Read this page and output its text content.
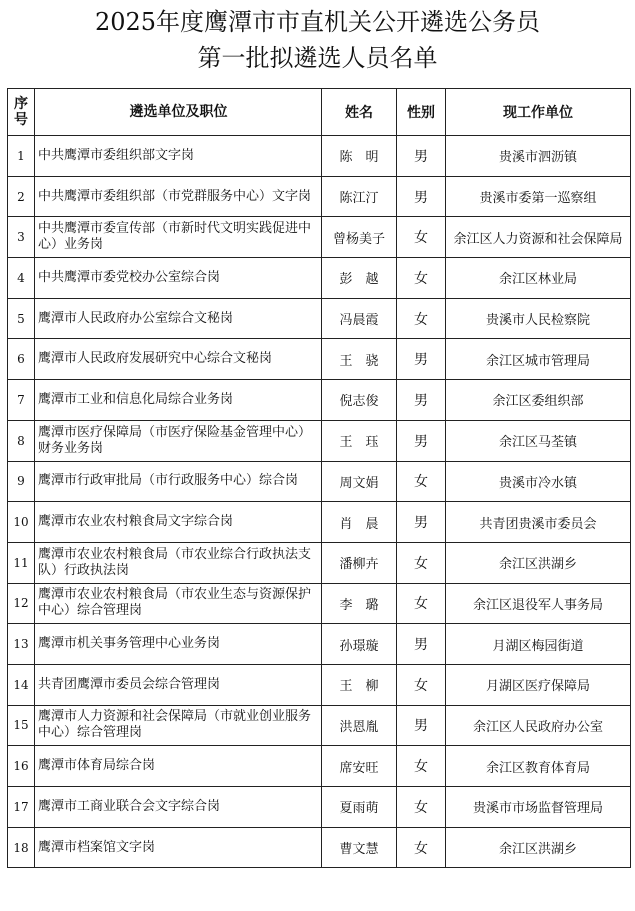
2025年度鹰潭市市直机关公开遴选公务员
第一批拟遴选人员名单
序号	遴选单位及职位	姓名	性别	现工作单位
1	中共鹰潭市委组织部文字岗	陈　明	男	贵溪市泗沥镇
2	中共鹰潭市委组织部（市党群服务中心）文字岗	陈江汀	男	贵溪市委第一巡察组
3	中共鹰潭市委宣传部（市新时代文明实践促进中心）业务岗	曾杨美子	女	余江区人力资源和社会保障局
4	中共鹰潭市委党校办公室综合岗	彭　越	女	余江区林业局
5	鹰潭市人民政府办公室综合文秘岗	冯晨霞	女	贵溪市人民检察院
6	鹰潭市人民政府发展研究中心综合文秘岗	王　骁	男	余江区城市管理局
7	鹰潭市工业和信息化局综合业务岗	倪志俊	男	余江区委组织部
8	鹰潭市医疗保障局（市医疗保险基金管理中心）财务业务岗	王　珏	男	余江区马荃镇
9	鹰潭市行政审批局（市行政服务中心）综合岗	周文娟	女	贵溪市冷水镇
10	鹰潭市农业农村粮食局文字综合岗	肖　晨	男	共青团贵溪市委员会
11	鹰潭市农业农村粮食局（市农业综合行政执法支队）行政执法岗	潘柳卉	女	余江区洪湖乡
12	鹰潭市农业农村粮食局（市农业生态与资源保护中心）综合管理岗	李　璐	女	余江区退役军人事务局
13	鹰潭市机关事务管理中心业务岗	孙璟璇	男	月湖区梅园街道
14	共青团鹰潭市委员会综合管理岗	王　柳	女	月湖区医疗保障局
15	鹰潭市人力资源和社会保障局（市就业创业服务中心）综合管理岗	洪恩胤	男	余江区人民政府办公室
16	鹰潭市体育局综合岗	席安旺	女	余江区教育体育局
17	鹰潭市工商业联合会文字综合岗	夏雨萌	女	贵溪市市场监督管理局
18	鹰潭市档案馆文字岗	曹文慧	女	余江区洪湖乡
